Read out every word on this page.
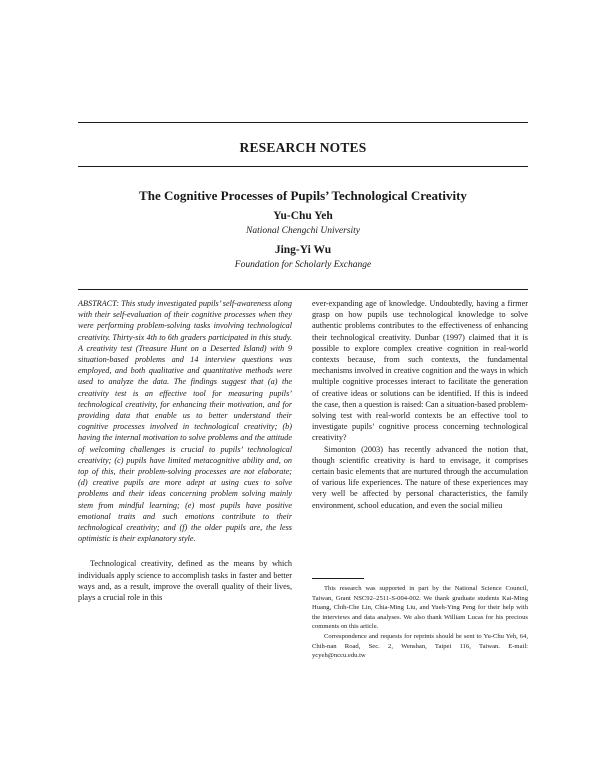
RESEARCH NOTES
The Cognitive Processes of Pupils’ Technological Creativity
Yu-Chu Yeh
National Chengchi University
Jing-Yi Wu
Foundation for Scholarly Exchange

ABSTRACT: This study investigated pupils’ self-awareness along with their self-evaluation of their cognitive processes when they were performing problem-solving tasks involving technological creativity. Thirty-six 4th to 6th graders participated in this study. A creativity test (Treasure Hunt on a Deserted Island) with 9 situation-based problems and 14 interview questions was employed, and both qualitative and quantitative methods were used to analyze the data. The findings suggest that (a) the creativity test is an effective tool for measuring pupils’ technological creativity, for enhancing their motivation, and for providing data that enable us to better understand their cognitive processes involved in technological creativity; (b) having the internal motivation to solve problems and the attitude of welcoming challenges is crucial to pupils’ technological creativity; (c) pupils have limited metacognitive ability and, on top of this, their problem-solving processes are not elaborate; (d) creative pupils are more adept at using cues to solve problems and their ideas concerning problem solving mainly stem from mindful learning; (e) most pupils have positive emotional traits and such emotions contribute to their technological creativity; and (f) the older pupils are, the less optimistic is their explanatory style.

Technological creativity, defined as the means by which individuals apply science to accomplish tasks in faster and better ways and, as a result, improve the overall quality of their lives, plays a crucial role in this

ever-expanding age of knowledge. Undoubtedly, having a firmer grasp on how pupils use technological knowledge to solve authentic problems contributes to the effectiveness of enhancing their technological creativity. Dunbar (1997) claimed that it is possible to explore complex creative cognition in real-world contexts because, from such contexts, the fundamental mechanisms involved in creative cognition and the ways in which multiple cognitive processes interact to facilitate the generation of creative ideas or solutions can be identified. If this is indeed the case, then a question is raised: Can a situation-based problem-solving test with real-world contexts be an effective tool to investigate pupils’ cognitive process concerning technological creativity?

Simonton (2003) has recently advanced the notion that, though scientific creativity is hard to envisage, it comprises certain basic elements that are nurtured through the accumulation of various life experiences. The nature of these experiences may very well be affected by personal characteristics, the family environment, school education, and even the social milieu

This research was supported in part by the National Science Council, Taiwan, Grant NSC92–2511-S-004-002. We thank graduate students Kai-Ming Huang, Chih-Che Lin, Chia-Ming Liu, and Yueh-Ying Peng for their help with the interviews and data analyses. We also thank William Lucas for his precious comments on this article.

Correspondence and requests for reprints should be sent to Yu-Chu Yeh, 64, Chih-nan Road, Sec. 2, Wenshan, Taipei 116, Taiwan. E-mail: ycyeh@nccu.edu.tw
